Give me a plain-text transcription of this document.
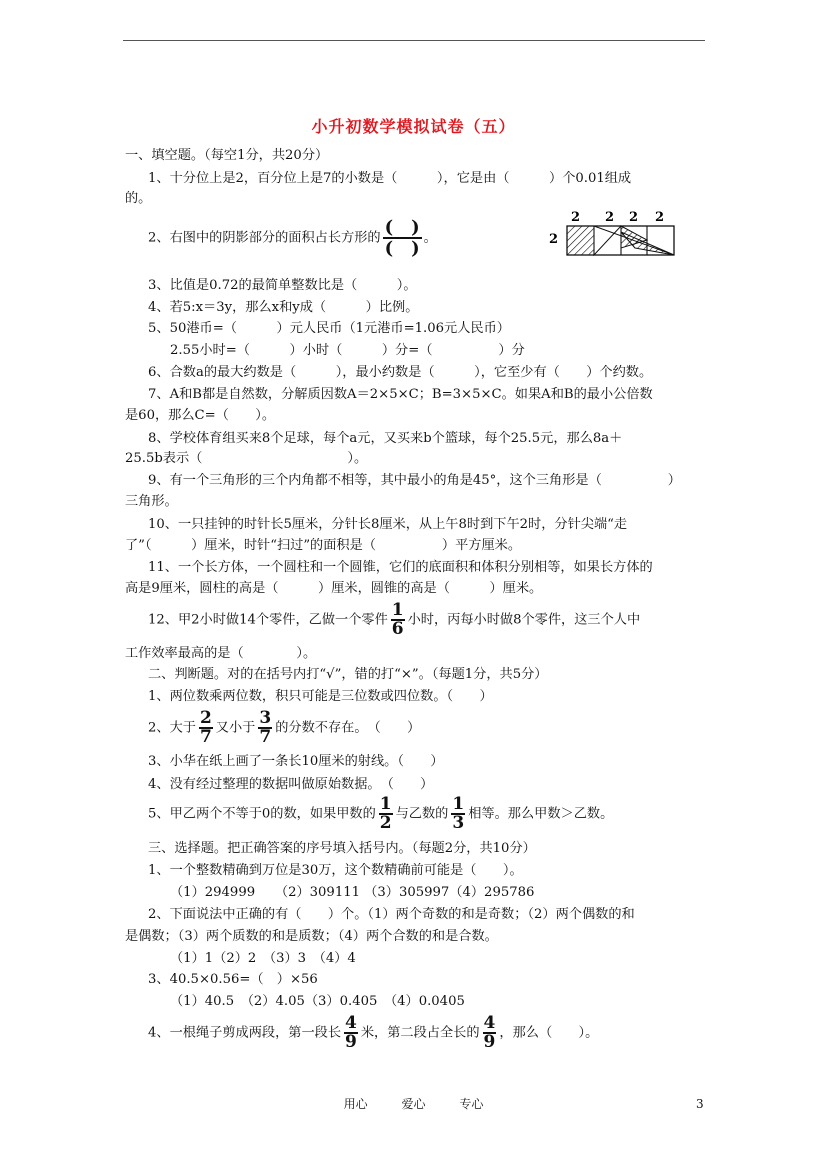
小升初数学模拟试卷（五）
一、填空题。（每空1分，共20分）
1、十分位上是2，百分位上是7的小数是（　　　），它是由（　　　）个0.01组成
的。
2、右图中的阴影部分的面积占长方形的 $\frac{( )}{( )}$ 。
2 2 2 2
2
3、比值是0.72的最简单整数比是（　　　）。
4、若5:x＝3y，那么x和y成（　　　）比例。
5、50港币=（　　　）元人民币（1元港币=1.06元人民币）
2.55小时=（　　　）小时（　　　）分=（　　　　　）分
6、合数a的最大约数是（　　　），最小约数是（　　　），它至少有（　　）个约数。
7、A和B都是自然数，分解质因数A＝2×5×C；B=3×5×C。如果A和B的最小公倍数
是60，那么C=（　　）。
8、学校体育组买来8个足球，每个a元，又买来b个篮球，每个25.5元，那么8a＋
25.5b表示（　　　　　　　　　　　）。
9、有一个三角形的三个内角都不相等，其中最小的角是45°，这个三角形是（　　　　　）
三角形。
10、一只挂钟的时针长5厘米，分针长8厘米，从上午8时到下午2时，分针尖端“走
了”（　　　）厘米，时针“扫过”的面积是（　　　　　）平方厘米。
11、一个长方体，一个圆柱和一个圆锥，它们的底面积和体积分别相等，如果长方体的
高是9厘米，圆柱的高是（　　　）厘米，圆锥的高是（　　　）厘米。
12、甲2小时做14个零件，乙做一个零件 $\frac{1}{6}$ 小时，丙每小时做8个零件，这三个人中
工作效率最高的是（　　　　）。
二、判断题。对的在括号内打“√”，错的打“×”。（每题1分，共5分）
1、两位数乘两位数，积只可能是三位数或四位数。（　　）
2、大于 $\frac{2}{7}$ 又小于 $\frac{3}{7}$ 的分数不存在。　（　　）
3、小华在纸上画了一条长10厘米的射线。（　　）
4、没有经过整理的数据叫做原始数据。　（　　）
5、甲乙两个不等于0的数，如果甲数的 $\frac{1}{2}$ 与乙数的 $\frac{1}{3}$ 相等。那么甲数＞乙数。
三、选择题。把正确答案的序号填入括号内。（每题2分，共10分）
1、一个整数精确到万位是30万，这个数精确前可能是（　　）。
（1）294999　　（2）309111 （3）305997（4）295786
2、下面说法中正确的有（　　）个。（1）两个奇数的和是奇数；（2）两个偶数的和
是偶数；（3）两个质数的和是质数；（4）两个合数的和是合数。
（1）1（2）2　（3）3　（4）4
3、40.5×0.56=（　）×56
（1）40.5　（2）4.05（3）0.405　（4）0.0405
4、一根绳子剪成两段，第一段长 $\frac{4}{9}$ 米，第二段占全长的 $\frac{4}{9}$ ，那么（　　）。
用心	爱心	专心	3
